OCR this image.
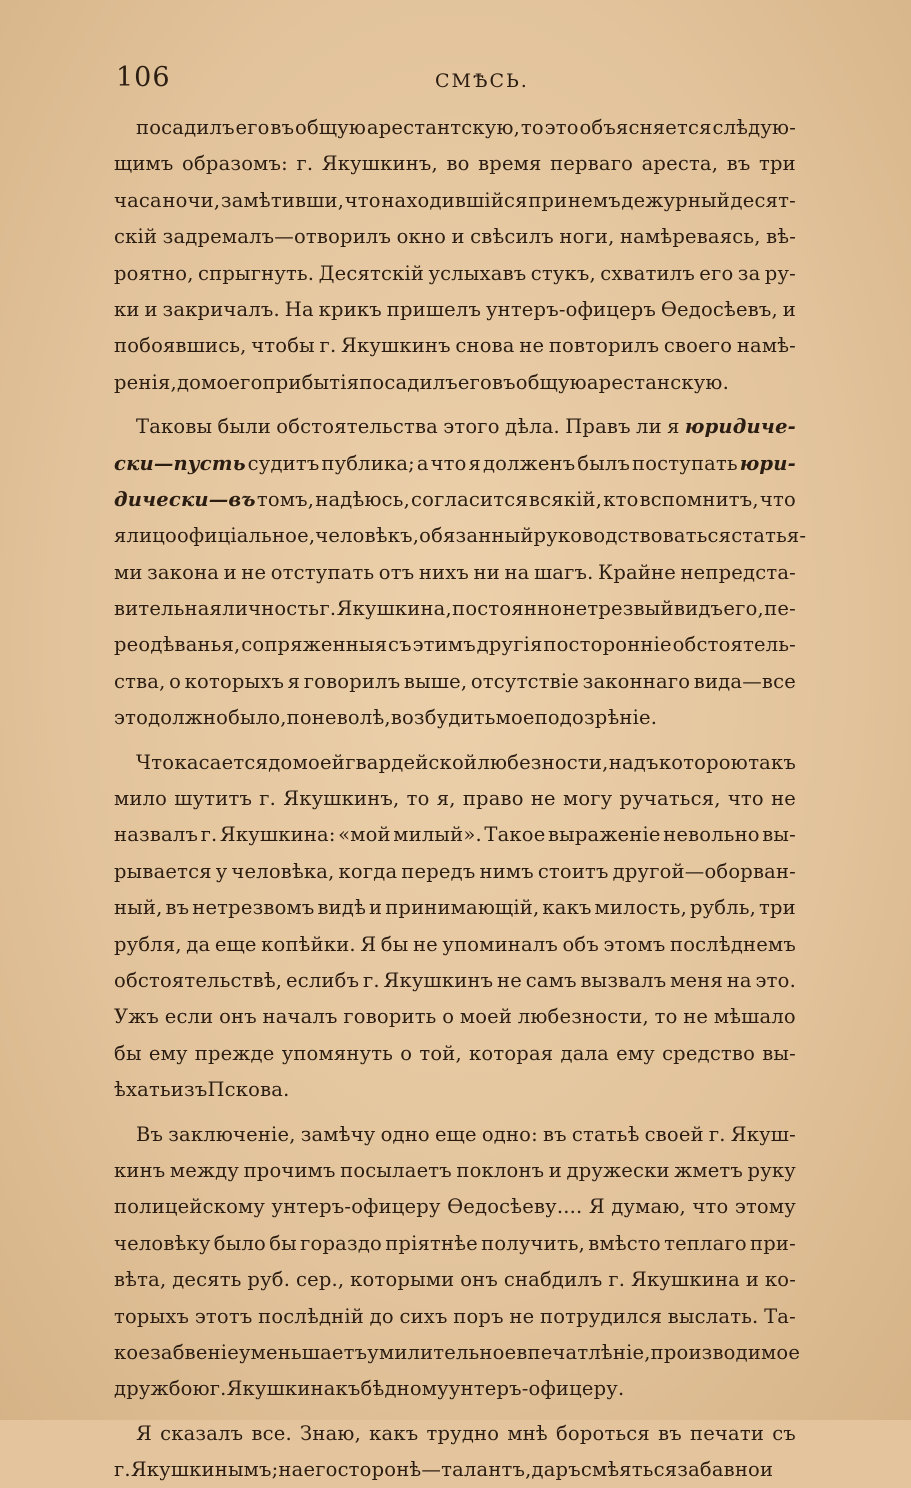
106	СМѢСЬ.
посадилъ его въ общую арестантскую, то это объясняется слѣдую-
щимъ образомъ: г. Якушкинъ, во время перваго ареста, въ три
часа ночи, замѣтивши, что находившійся при немъ дежурный десят-
скій задремалъ—отворилъ окно и свѣсилъ ноги, намѣреваясь, вѣ-
роятно, спрыгнуть. Десятскій услыхавъ стукъ, схватилъ его за ру-
ки и закричалъ. На крикъ пришелъ унтеръ-офицеръ Ѳедосѣевъ, и
побоявшись, чтобы г. Якушкинъ снова не повторилъ своего намѣ-
ренія, до моего прибытія посадилъ его въ общую арестанскую.
Таковы были обстоятельства этого дѣла. Правъ ли я юридиче-
ски—пусть судитъ публика; а что я долженъ былъ поступать юри-
дически—въ томъ, надѣюсь, согласится всякій, кто вспомнитъ, что
я лицо офиціальное, человѣкъ, обязанный руководствоваться статья-
ми закона и не отступать отъ нихъ ни на шагъ. Крайне непредста-
вительная личность г. Якушкина, постоянно нетрезвый видъ его, пе-
реодѣванья, сопряженныя съ этимъ другія посторонніе обстоятель-
ства, о которыхъ я говорилъ выше, отсутствіе законнаго вида—все
это должно было, поневолѣ, возбудить мое подозрѣніе.
Что касается до моей гвардейской любезности, надъ которою такъ
мило шутитъ г. Якушкинъ, то я, право не могу ручаться, что не
назвалъ г. Якушкина: «мой милый». Такое выраженіе невольно вы-
рывается у человѣка, когда передъ нимъ стоитъ другой—оборван-
ный, въ нетрезвомъ видѣ и принимающій, какъ милость, рубль, три
рубля, да еще копѣйки. Я бы не упоминалъ объ этомъ послѣднемъ
обстоятельствѣ, еслибъ г. Якушкинъ не самъ вызвалъ меня на это.
Ужъ если онъ началъ говорить о моей любезности, то не мѣшало
бы ему прежде упомянуть о той, которая дала ему средство вы-
ѣхать изъ Пскова.
Въ заключеніе, замѣчу одно еще одно: въ статьѣ своей г. Якуш-
кинъ между прочимъ посылаетъ поклонъ и дружески жметъ руку
полицейскому унтеръ-офицеру Ѳедосѣеву.... Я думаю, что этому
человѣку было бы гораздо пріятнѣе получить, вмѣсто теплаго при-
вѣта, десять руб. сер., которыми онъ снабдилъ г. Якушкина и ко-
торыхъ этотъ послѣдній до сихъ поръ не потрудился выслать. Та-
кое забвеніе уменьшаетъ умилительное впечатлѣніе, производимое
дружбою г. Якушкина къ бѣдному унтеръ-офицеру.
Я сказалъ все. Знаю, какъ трудно мнѣ бороться въ печати съ
г. Якушкинымъ; на его сторонѣ—талантъ, даръ смѣяться забавно и
